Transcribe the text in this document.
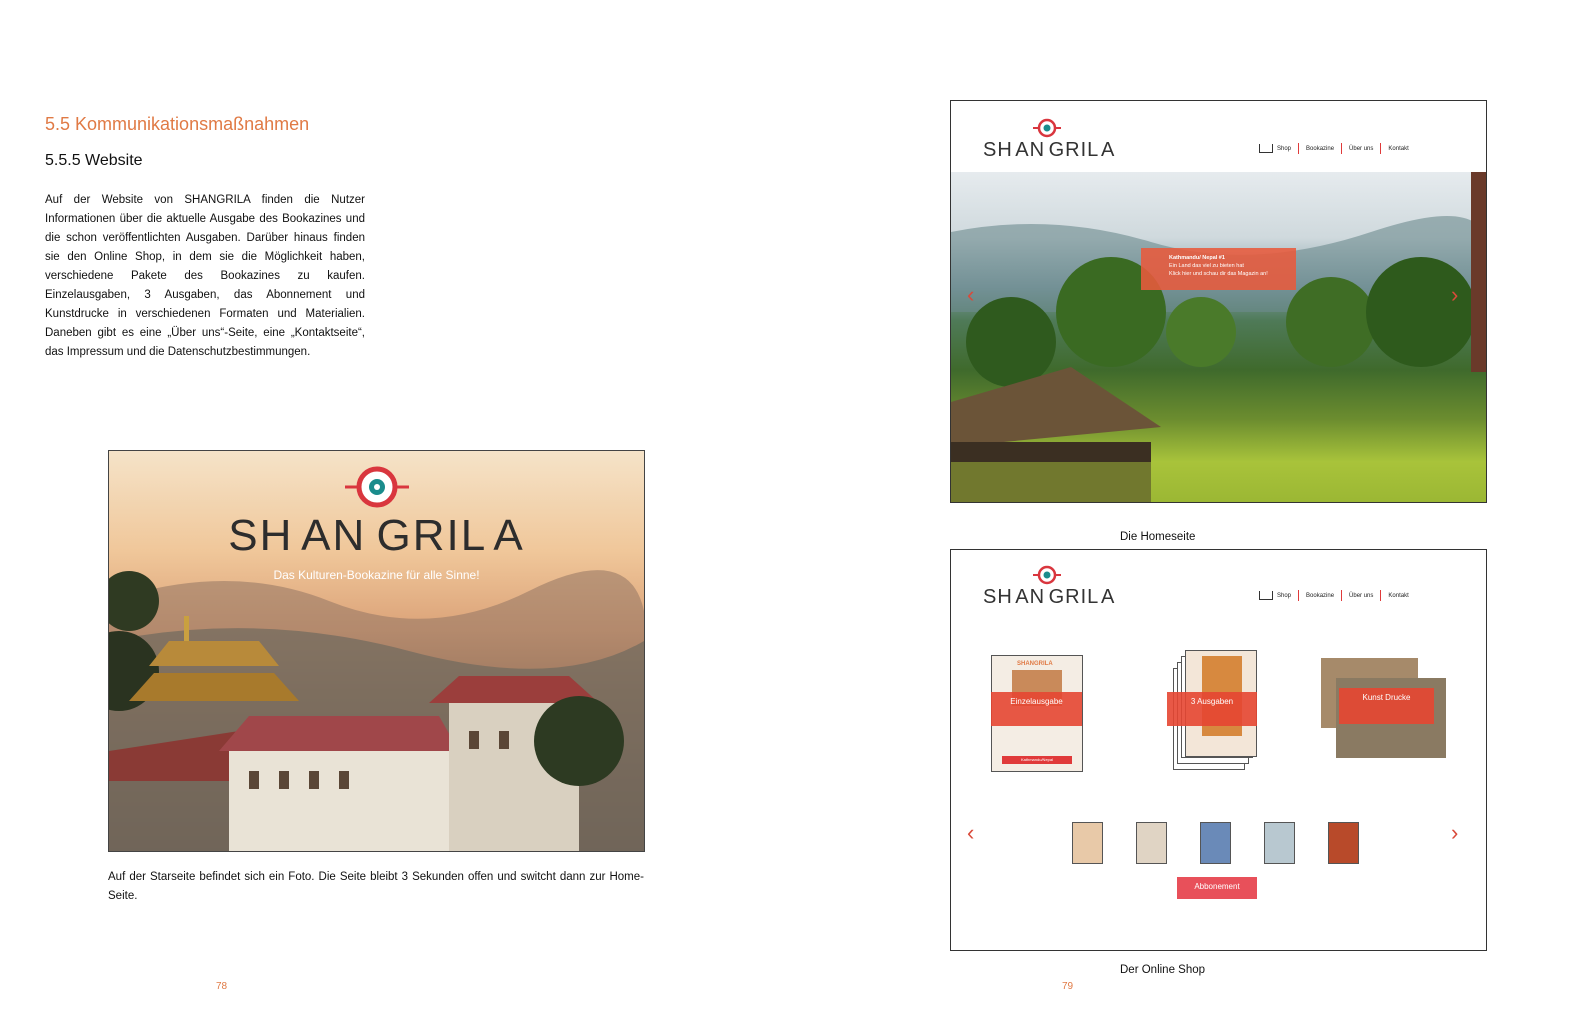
5.5 Kommunikationsmaßnahmen
5.5.5 Website
Auf der Website von SHANGRILA finden die Nutzer Informationen über die aktuelle Ausgabe des Bookazines und die schon veröffentlichten Ausgaben. Darüber hinaus finden sie den Online Shop, in dem sie die Möglichkeit haben, verschiedene Pakete des Bookazines zu kaufen. Einzelausgaben, 3 Ausgaben, das Abonnement und Kunstdrucke in verschiedenen Formaten und Materialien. Daneben gibt es eine „Über uns“-Seite, eine „Kontaktseite“, das Impressum und die Datenschutzbestimmungen.
SH AN GRIL A
Das Kulturen-Bookazine für alle Sinne!
Auf der Starseite befindet sich ein Foto. Die Seite bleibt 3 Sekunden offen und switcht dann zur Home-Seite.
78
SH AN GRIL A	Shop	Bookazine	Über uns	Kontakt
Kathmandu/ Nepal #1
Ein Land das viel zu bieten hat
Klick hier und schau dir das Magazin an!
‹	›
Die Homeseite
SH AN GRIL A	Shop	Bookazine	Über uns	Kontakt
SHANGRILA
Kathmandu/Nepal
Einzelausgabe	3 Ausgaben	Kunst Drucke
‹	›
Abbonement
Der Online Shop
79
